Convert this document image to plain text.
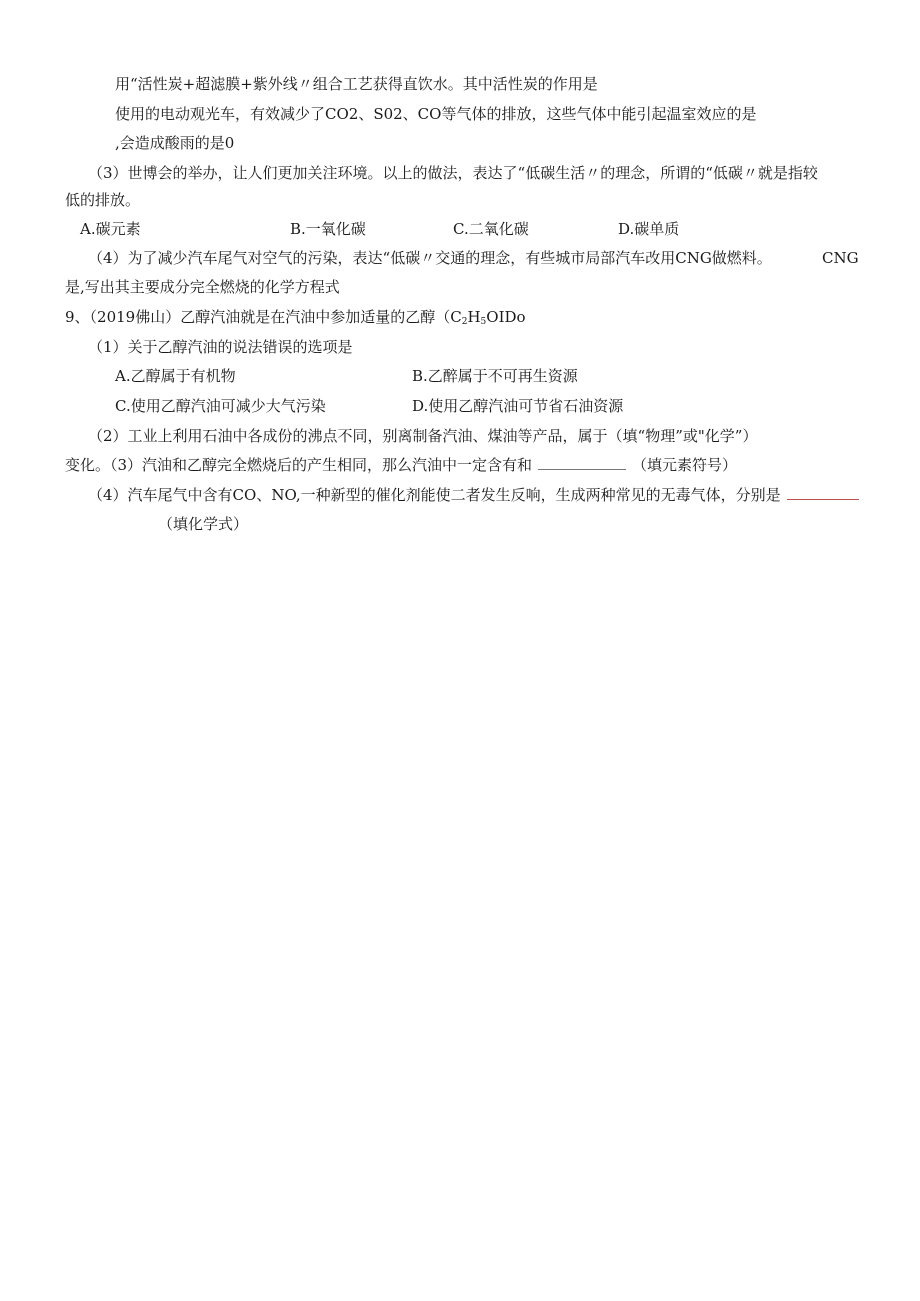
用“活性炭+超滤膜+紫外线〃组合工艺获得直饮水。其中活性炭的作用是
使用的电动观光车，有效减少了CO2、S02、CO等气体的排放，这些气体中能引起温室效应的是
,会造成酸雨的是0
（3）世博会的举办，让人们更加关注环境。以上的做法，表达了“低碳生活〃的理念，所谓的“低碳〃就是指较
低的排放。
A.碳元素	B.一氧化碳	C.二氧化碳	D.碳单质
（4）为了减少汽车尾气对空气的污染，表达“低碳〃交通的理念，有些城市局部汽车改用CNG做燃料。	CNG
是,写出其主要成分完全燃烧的化学方程式
9、（2019佛山）乙醇汽油就是在汽油中参加适量的乙醇（$C_2H_5OIDo$
（1）关于乙醇汽油的说法错误的选项是
A.乙醇属于有机物	B.乙醉属于不可再生资源
C.使用乙醇汽油可减少大气污染	D.使用乙醇汽油可节省石油资源
（2）工业上利用石油中各成份的沸点不同，别离制备汽油、煤油等产品，属于（填“物理”或"化学”）
变化。（3）汽油和乙醇完全燃烧后的产生相同，那么汽油中一定含有和	（填元素符号）
（4）汽车尾气中含有CO、NO,一种新型的催化剂能使二者发生反响，生成两种常见的无毒气体，分别是
（填化学式）
